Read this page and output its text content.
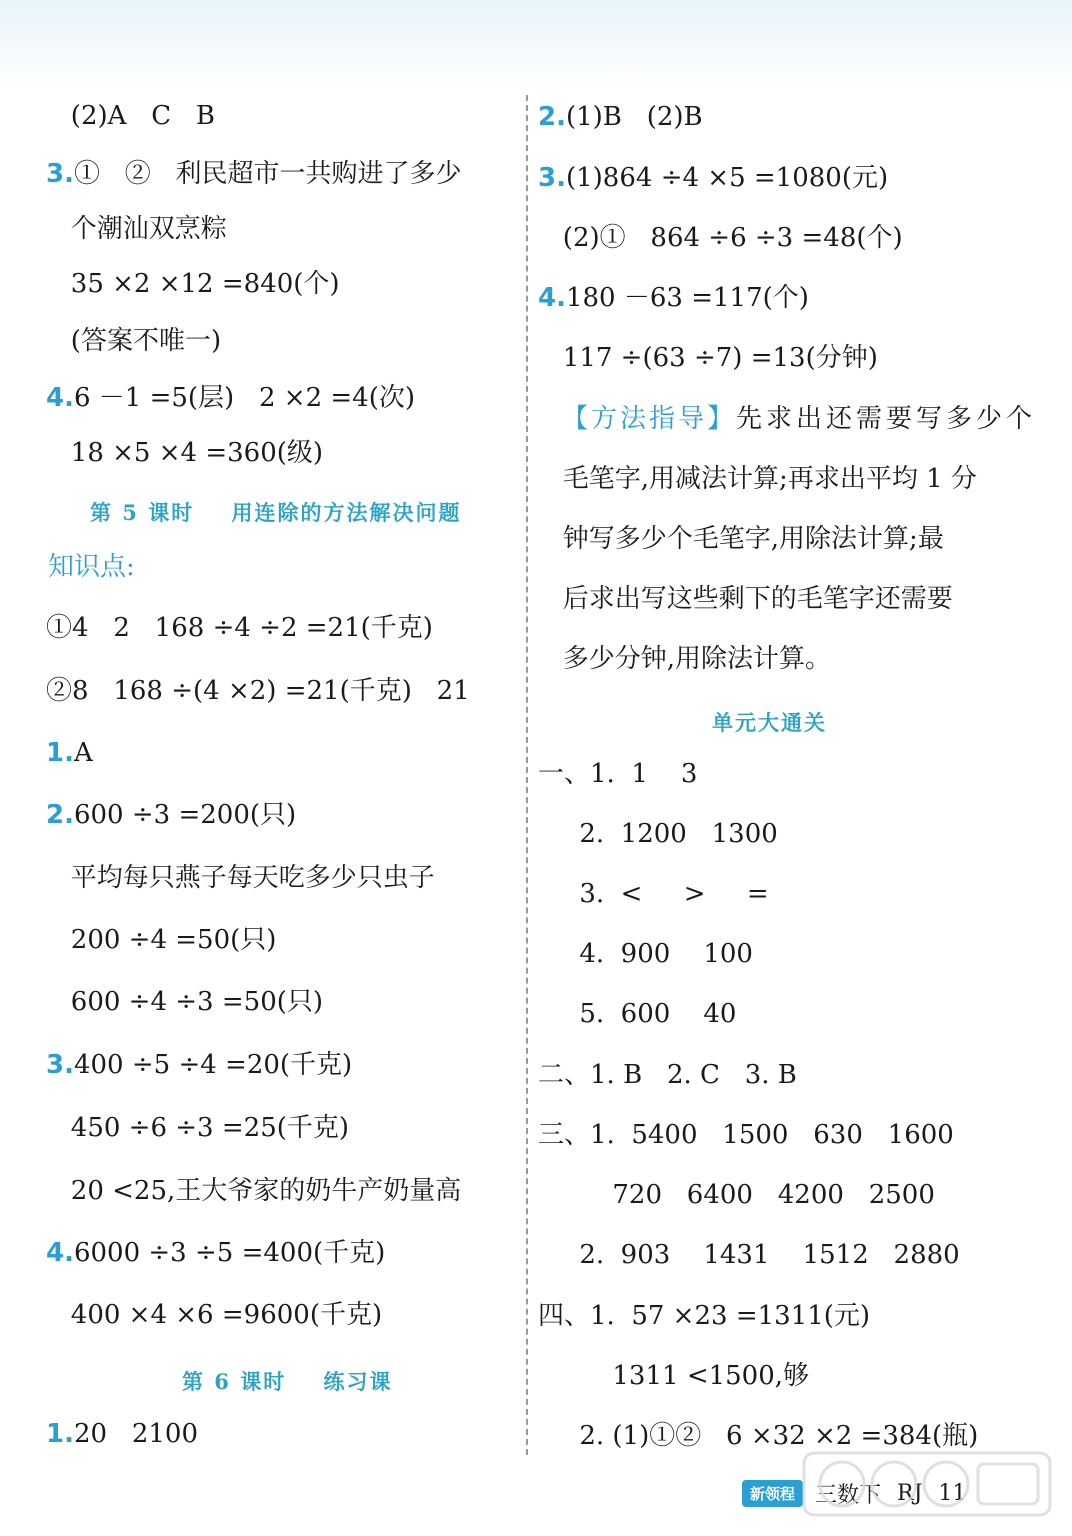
(2)A   C   B
3.①   ②   利民超市一共购进了多少
个潮汕双烹粽
35 ×2 ×12 =840(个)
(答案不唯一)
4.6 －1 =5(层)   2 ×2 =4(次)
18 ×5 ×4 =360(级)
①4   2   168 ÷4 ÷2 =21(千克)
②8   168 ÷(4 ×2) =21(千克)   21
1.A
2.600 ÷3 =200(只)
平均每只燕子每天吃多少只虫子
200 ÷4 =50(只)
600 ÷4 ÷3 =50(只)
3.400 ÷5 ÷4 =20(千克)
450 ÷6 ÷3 =25(千克)
20 <25,王大爷家的奶牛产奶量高
4.6000 ÷3 ÷5 =400(千克)
400 ×4 ×6 =9600(千克)
1.20   2100
2.(1)B   (2)B
3.(1)864 ÷4 ×5 =1080(元)
(2)①   864 ÷6 ÷3 =48(个)
4.180 －63 =117(个)
117 ÷(63 ÷7) =13(分钟)
毛笔字,用减法计算;再求出平均 1 分
钟写多少个毛笔字,用除法计算;最
后求出写这些剩下的毛笔字还需要
多少分钟,用除法计算。
一、1.  1    3
2.  1200   1300
3.  <     >     =
4.  900    100
5.  600    40
二、1. B   2. C   3. B
三、1.  5400   1500   630   1600
720   6400   4200   2500
2.  903    1431    1512   2880
四、1.  57 ×23 =1311(元)
1311 <1500,够
2. (1)①②   6 ×32 ×2 =384(瓶)
第 5 课时    用连除的方法解决问题
知识点:
第 6 课时    练习课
【方法指导】先求出还需要写多少个
单元大通关
新领程 三数下 RJ 11
